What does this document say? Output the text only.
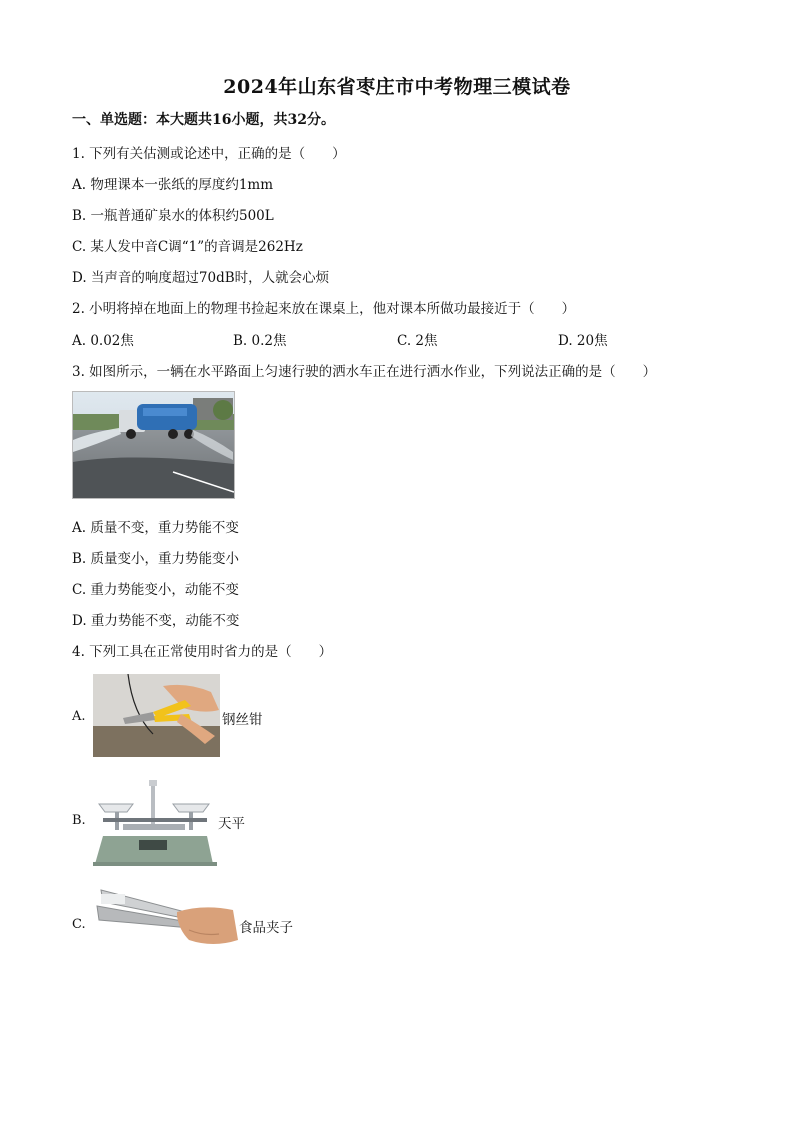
2024年山东省枣庄市中考物理三模试卷
一、单选题：本大题共16小题，共32分。
1. 下列有关估测或论述中，正确的是（　　）
A. 物理课本一张纸的厚度约1mm
B. 一瓶普通矿泉水的体积约500L
C. 某人发中音C调“1”的音调是262Hz
D. 当声音的响度超过70dB时，人就会心烦
2. 小明将掉在地面上的物理书捡起来放在课桌上，他对课本所做功最接近于（　　）
A. 0.02焦	B. 0.2焦	C. 2焦	D. 20焦
3. 如图所示，一辆在水平路面上匀速行驶的洒水车正在进行洒水作业，下列说法正确的是（　　）
A. 质量不变，重力势能不变
B. 质量变小，重力势能变小
C. 重力势能变小，动能不变
D. 重力势能不变，动能不变
4. 下列工具在正常使用时省力的是（　　）
A.	钢丝钳
B.	天平
C.	食品夹子
